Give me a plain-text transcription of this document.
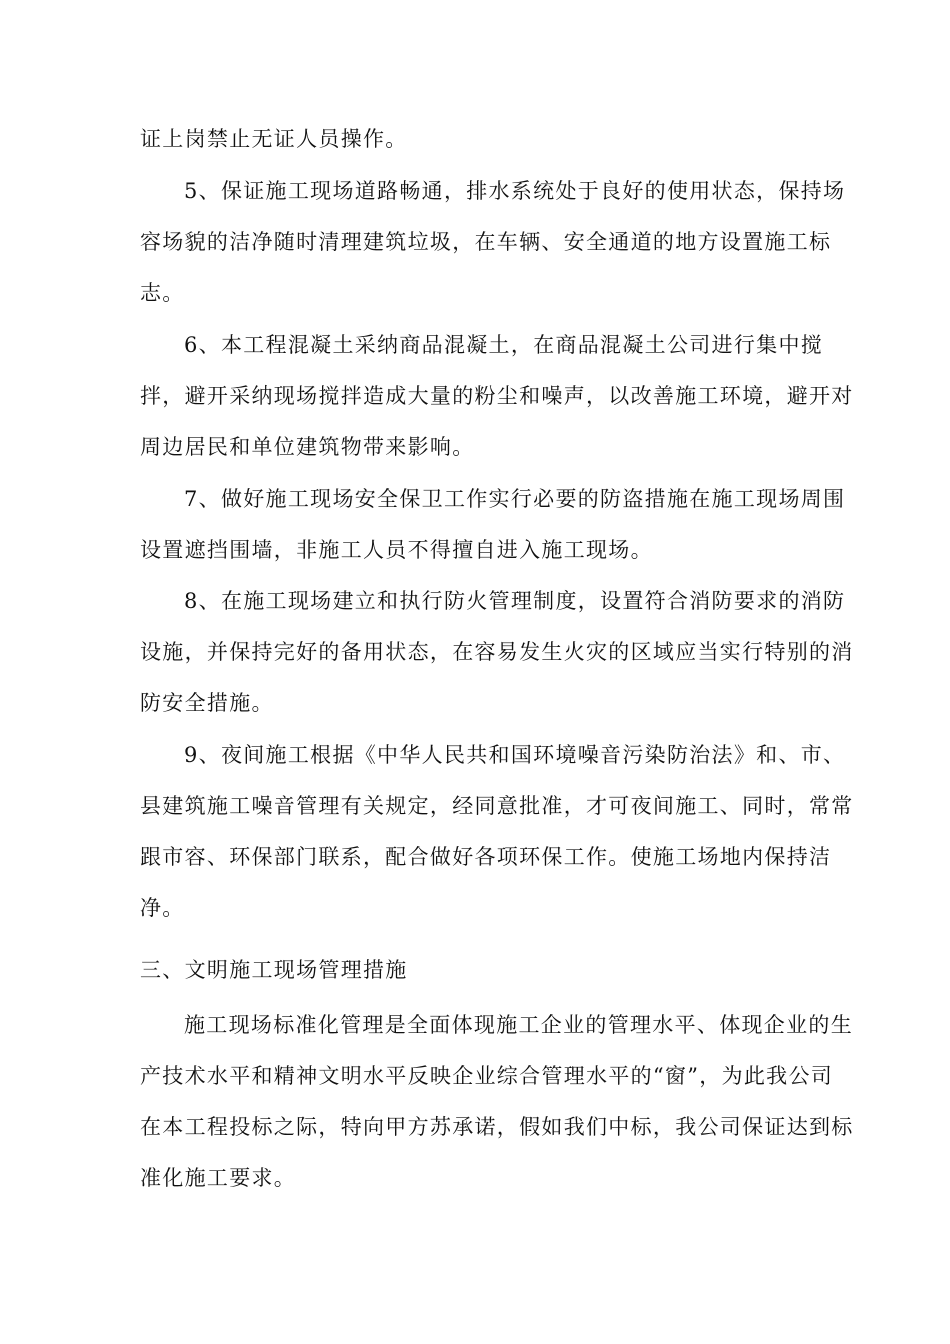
证上岗禁止无证人员操作。
5、保证施工现场道路畅通，排水系统处于良好的使用状态，保持场
容场貌的洁净随时清理建筑垃圾，在车辆、安全通道的地方设置施工标
志。
6、本工程混凝土采纳商品混凝土，在商品混凝土公司进行集中搅
拌，避开采纳现场搅拌造成大量的粉尘和噪声，以改善施工环境，避开对
周边居民和单位建筑物带来影响。
7、做好施工现场安全保卫工作实行必要的防盗措施在施工现场周围
设置遮挡围墙，非施工人员不得擅自进入施工现场。
8、在施工现场建立和执行防火管理制度，设置符合消防要求的消防
设施，并保持完好的备用状态，在容易发生火灾的区域应当实行特别的消
防安全措施。
9、夜间施工根据《中华人民共和国环境噪音污染防治法》和、市、
县建筑施工噪音管理有关规定，经同意批准，才可夜间施工、同时，常常
跟市容、环保部门联系，配合做好各项环保工作。使施工场地内保持洁
净。
三、文明施工现场管理措施
施工现场标准化管理是全面体现施工企业的管理水平、体现企业的生
产技术水平和精神文明水平反映企业综合管理水平的“窗”，为此我公司
在本工程投标之际，特向甲方苏承诺，假如我们中标，我公司保证达到标
准化施工要求。
